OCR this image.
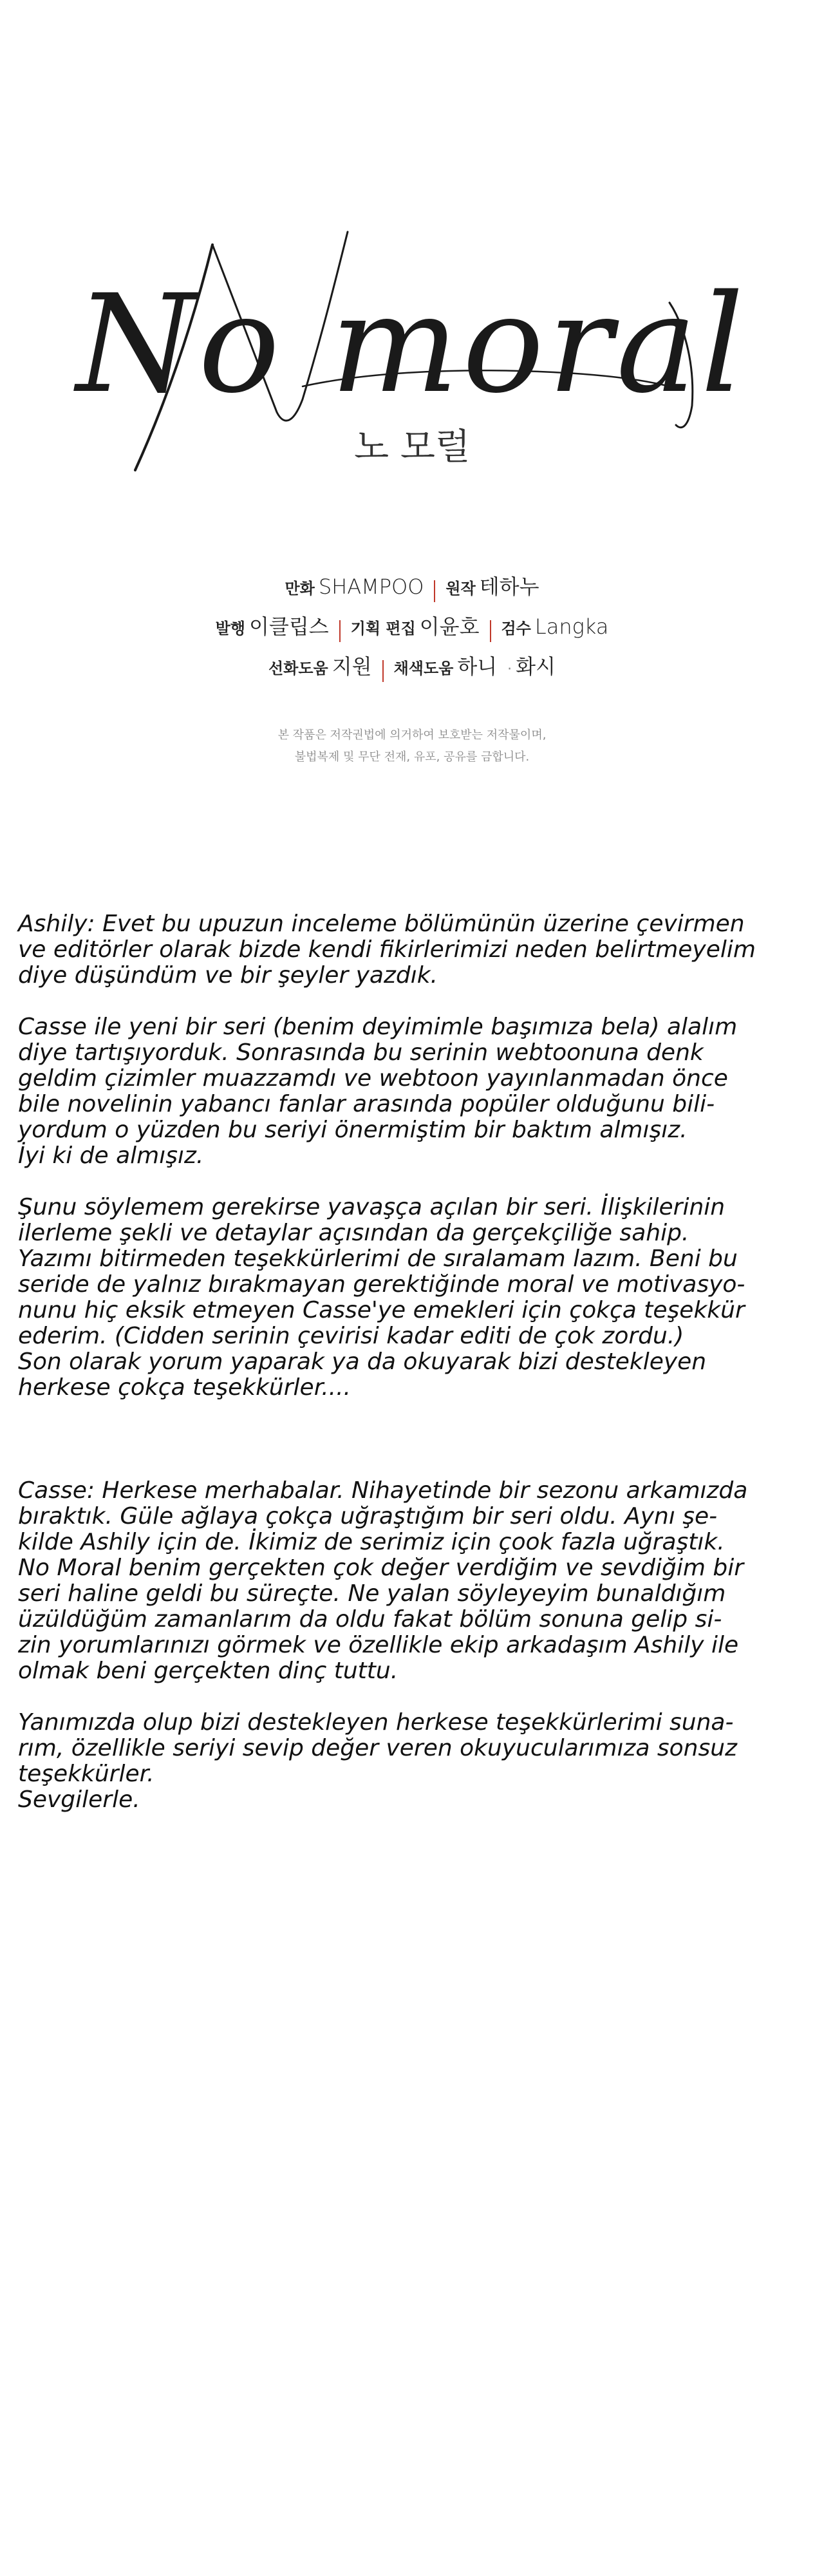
No moral
노 모럴
만화 SHAMPOO 원작 테하누
발행 이클립스 기획 편집 이윤호 검수 Langka
선화도움 지원 채색도움 하니 · 화시
본 작품은 저작권법에 의거하여 보호받는 저작물이며,
불법복제 및 무단 전재, 유포, 공유를 금합니다.
Ashily: Evet bu upuzun inceleme bölümünün üzerine çevirmen
ve editörler olarak bizde kendi fikirlerimizi neden belirtmeyelim
diye düşündüm ve bir şeyler yazdık.
Casse ile yeni bir seri (benim deyimimle başımıza bela) alalım
diye tartışıyorduk. Sonrasında bu serinin webtoonuna denk
geldim çizimler muazzamdı ve webtoon yayınlanmadan önce
bile novelinin yabancı fanlar arasında popüler olduğunu bili-
yordum o yüzden bu seriyi önermiştim bir baktım almışız.
İyi ki de almışız.
Şunu söylemem gerekirse yavaşça açılan bir seri. İlişkilerinin
ilerleme şekli ve detaylar açısından da gerçekçiliğe sahip.
Yazımı bitirmeden teşekkürlerimi de sıralamam lazım. Beni bu
seride de yalnız bırakmayan gerektiğinde moral ve motivasyo-
nunu hiç eksik etmeyen Casse'ye emekleri için çokça teşekkür
ederim. (Cidden serinin çevirisi kadar editi de çok zordu.)
Son olarak yorum yaparak ya da okuyarak bizi destekleyen
herkese çokça teşekkürler....
Casse: Herkese merhabalar. Nihayetinde bir sezonu arkamızda
bıraktık. Güle ağlaya çokça uğraştığım bir seri oldu. Aynı şe-
kilde Ashily için de. İkimiz de serimiz için çook fazla uğraştık.
No Moral benim gerçekten çok değer verdiğim ve sevdiğim bir
seri haline geldi bu süreçte. Ne yalan söyleyeyim bunaldığım
üzüldüğüm zamanlarım da oldu fakat bölüm sonuna gelip si-
zin yorumlarınızı görmek ve özellikle ekip arkadaşım Ashily ile
olmak beni gerçekten dinç tuttu.
Yanımızda olup bizi destekleyen herkese teşekkürlerimi suna-
rım, özellikle seriyi sevip değer veren okuyucularımıza sonsuz
teşekkürler.
Sevgilerle.
